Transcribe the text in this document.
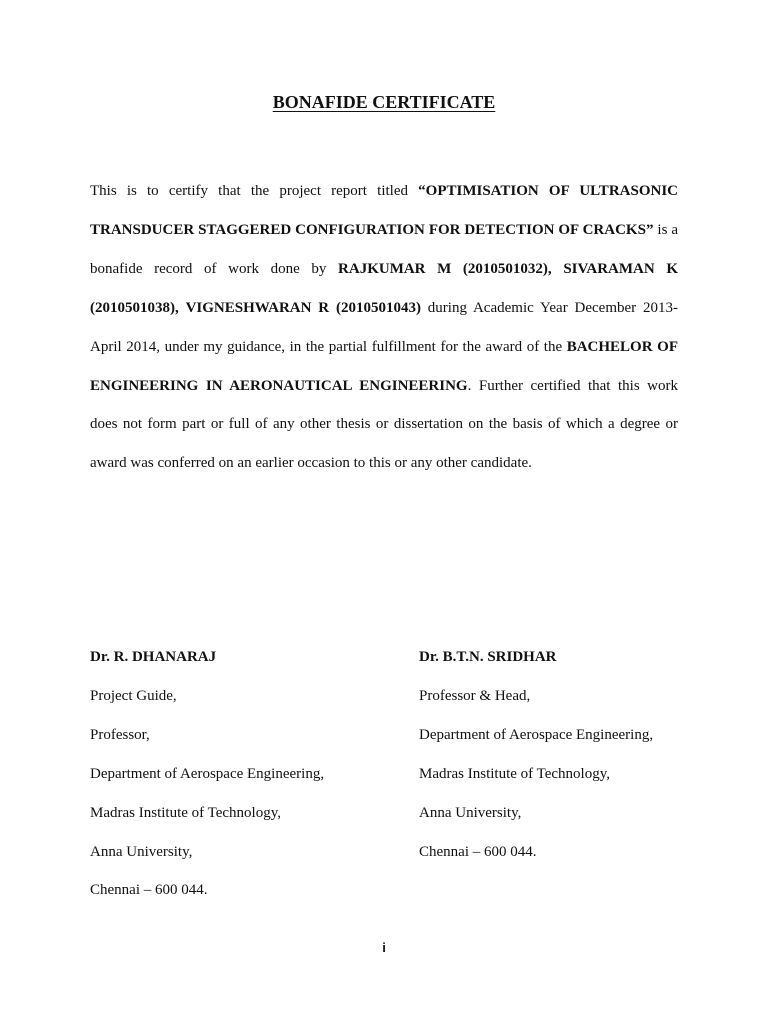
BONAFIDE CERTIFICATE
This is to certify that the project report titled “OPTIMISATION OF ULTRASONIC TRANSDUCER STAGGERED CONFIGURATION FOR DETECTION OF CRACKS” is a bonafide record of work done by RAJKUMAR M (2010501032), SIVARAMAN K (2010501038), VIGNESHWARAN R (2010501043) during Academic Year December 2013- April 2014, under my guidance, in the partial fulfillment for the award of the BACHELOR OF ENGINEERING IN AERONAUTICAL ENGINEERING. Further certified that this work does not form part or full of any other thesis or dissertation on the basis of which a degree or award was conferred on an earlier occasion to this or any other candidate.
Dr. R. DHANARAJ
Project Guide,
Professor,
Department of Aerospace Engineering,
Madras Institute of Technology,
Anna University,
Chennai – 600 044.
Dr. B.T.N. SRIDHAR
Professor & Head,
Department of Aerospace Engineering,
Madras Institute of Technology,
Anna University,
Chennai – 600 044.
i
